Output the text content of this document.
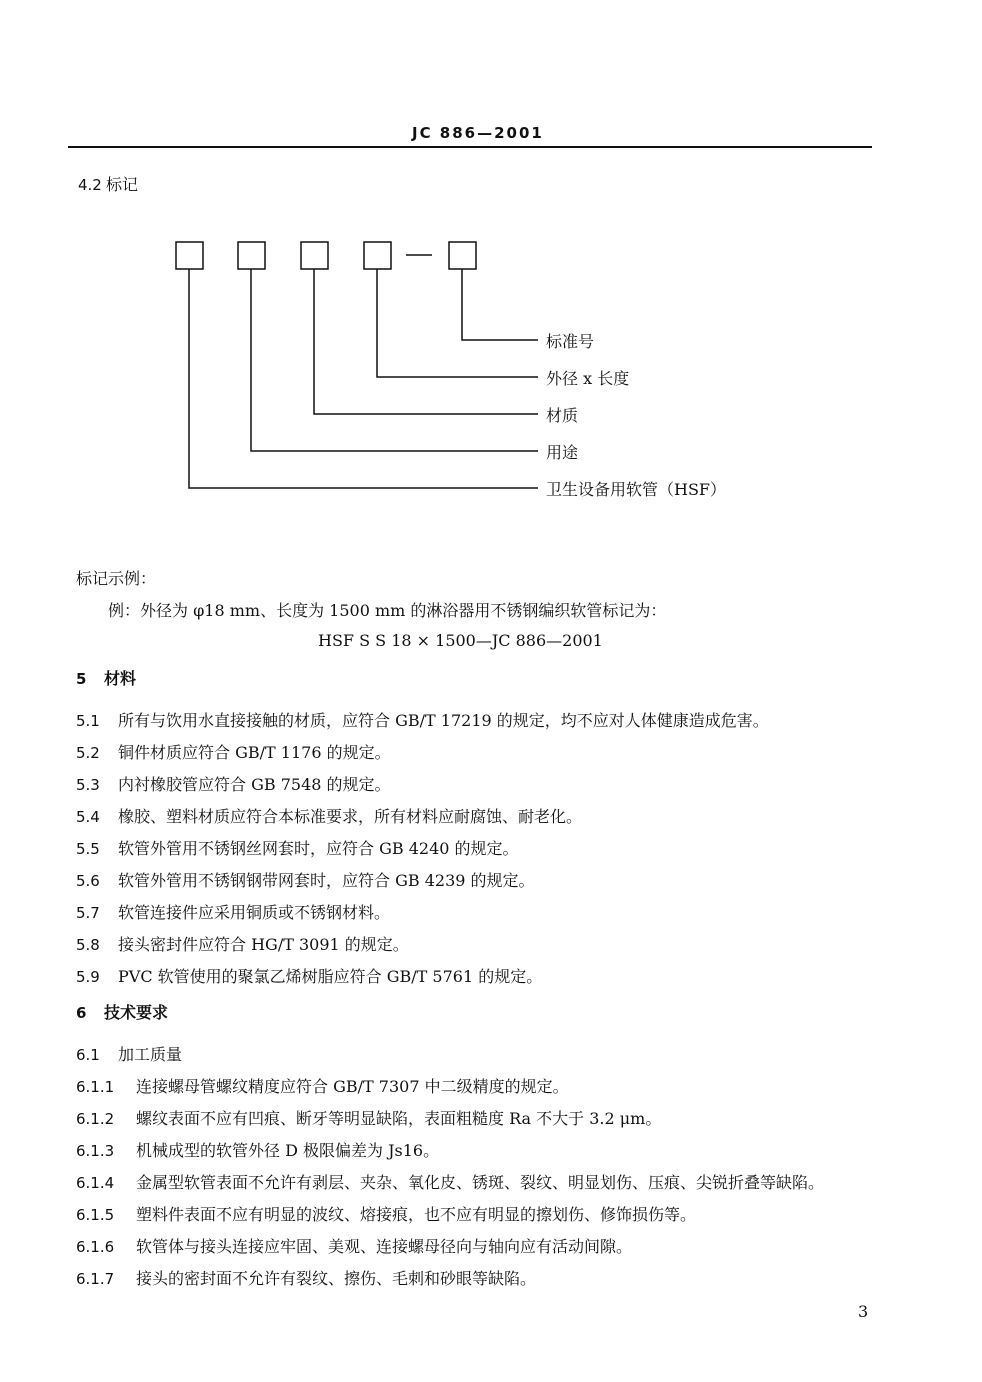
JC 886—2001
4.2 标记
标准号
外径 x 长度
材质
用途
卫生设备用软管（HSF）
标记示例：
例：外径为 φ18 mm、长度为 1500 mm 的淋浴器用不锈钢编织软管标记为：
HSF S S 18 × 1500—JC 886—2001
5 材料
5.1 所有与饮用水直接接触的材质，应符合 GB/T 17219 的规定，均不应对人体健康造成危害。
5.2 铜件材质应符合 GB/T 1176 的规定。
5.3 内衬橡胶管应符合 GB 7548 的规定。
5.4 橡胶、塑料材质应符合本标准要求，所有材料应耐腐蚀、耐老化。
5.5 软管外管用不锈钢丝网套时，应符合 GB 4240 的规定。
5.6 软管外管用不锈钢钢带网套时，应符合 GB 4239 的规定。
5.7 软管连接件应采用铜质或不锈钢材料。
5.8 接头密封件应符合 HG/T 3091 的规定。
5.9 PVC 软管使用的聚氯乙烯树脂应符合 GB/T 5761 的规定。
6 技术要求
6.1 加工质量
6.1.1 连接螺母管螺纹精度应符合 GB/T 7307 中二级精度的规定。
6.1.2 螺纹表面不应有凹痕、断牙等明显缺陷，表面粗糙度 Ra 不大于 3.2 μm。
6.1.3 机械成型的软管外径 D 极限偏差为 Js16。
6.1.4 金属型软管表面不允许有剥层、夹杂、氧化皮、锈斑、裂纹、明显划伤、压痕、尖锐折叠等缺陷。
6.1.5 塑料件表面不应有明显的波纹、熔接痕，也不应有明显的擦划伤、修饰损伤等。
6.1.6 软管体与接头连接应牢固、美观、连接螺母径向与轴向应有活动间隙。
6.1.7 接头的密封面不允许有裂纹、擦伤、毛刺和砂眼等缺陷。
3
